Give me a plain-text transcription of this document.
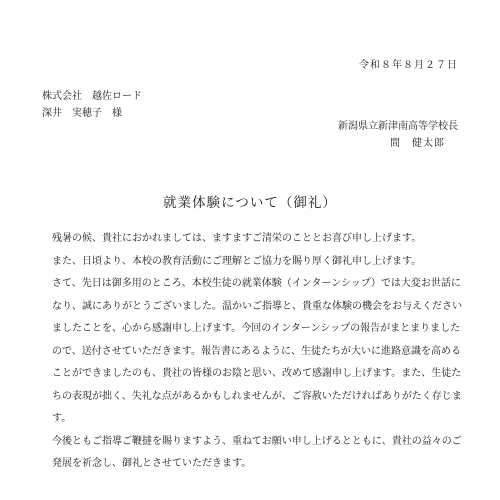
令和８年８月２７日
株式会社　越佐ロード
深井　実穂子　様
新潟県立新津南高等学校長
間　健太郎
就業体験について（御礼）

残暑の候、貴社におかれましては、ますますご清栄のこととお喜び申し上げます。

また、日頃より、本校の教育活動にご理解とご協力を賜り厚く御礼申し上げます。

さて、先日は御多用のところ、本校生徒の就業体験（インターンシップ）では大変お世話になり、誠にありがとうございました。温かいご指導と、貴重な体験の機会をお与えくださいましたことを、心から感謝申し上げます。今回のインターンシップの報告がまとまりましたので、送付させていただきます。報告書にあるように、生徒たちが大いに進路意識を高めることができましたのも、貴社の皆様のお陰と思い、改めて感謝申し上げます。また、生徒たちの表現が拙く、失礼な点があるかもしれませんが、ご容赦いただければありがたく存じます。

今後ともご指導ご鞭撻を賜りますよう、重ねてお願い申し上げるとともに、貴社の益々のご発展を祈念し、御礼とさせていただきます。
